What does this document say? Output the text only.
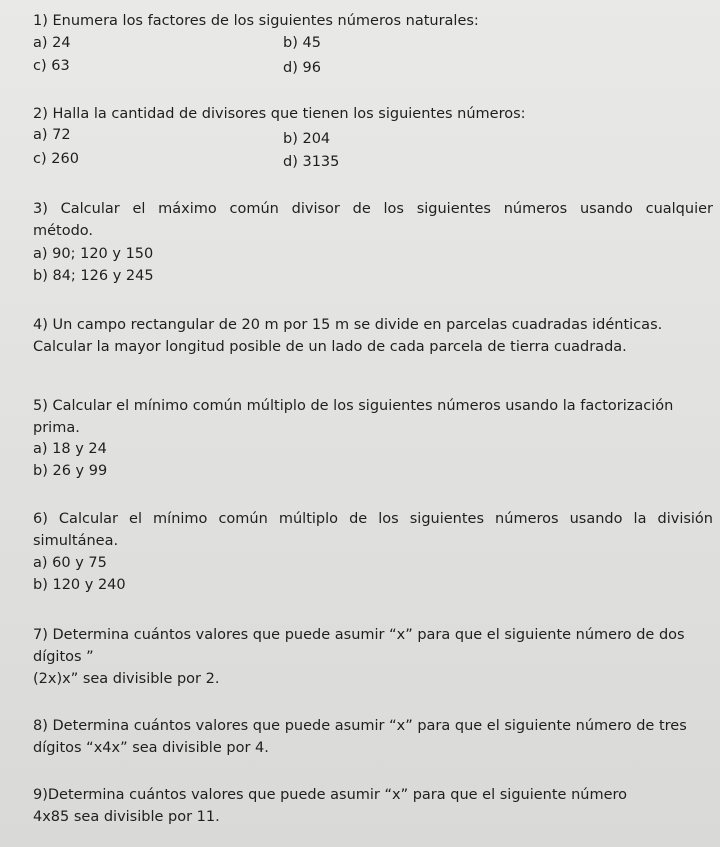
1) Enumera los factores de los siguientes números naturales:
a) 24	b) 45
c) 63	d) 96
2) Halla la cantidad de divisores que tienen los siguientes números:
a) 72	b) 204
c) 260	d) 3135
3) Calcular el máximo común divisor de los siguientes números usando cualquier
método.
a) 90; 120 y 150
b) 84; 126 y 245
4) Un campo rectangular de 20 m por 15 m se divide en parcelas cuadradas idénticas.
Calcular la mayor longitud posible de un lado de cada parcela de tierra cuadrada.
5) Calcular el mínimo común múltiplo de los siguientes números usando la factorización
prima.
a) 18 y 24
b) 26 y 99
6) Calcular el mínimo común múltiplo de los siguientes números usando la división
simultánea.
a) 60 y 75
b) 120 y 240
7) Determina cuántos valores que puede asumir “x” para que el siguiente número de dos
dígitos ”
(2x)x” sea divisible por 2.
8) Determina cuántos valores que puede asumir “x” para que el siguiente número de tres
dígitos “x4x” sea divisible por 4.
9)Determina cuántos valores que puede asumir “x” para que el siguiente número
4x85 sea divisible por 11.
